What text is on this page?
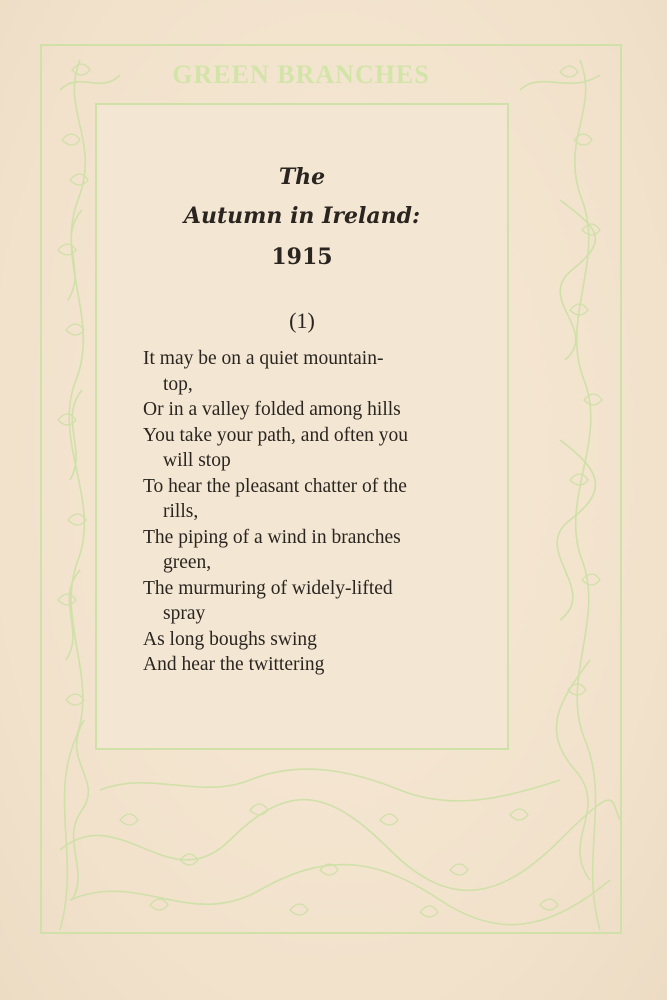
GREEN BRANCHES
The
Autumn in Ireland:
1915
(1)
It may be on a quiet mountain-
top,
Or in a valley folded among hills
You take your path, and often you
will stop
To hear the pleasant chatter of the
rills,
The piping of a wind in branches
green,
The murmuring of widely-lifted
spray
As long boughs swing
And hear the twittering
